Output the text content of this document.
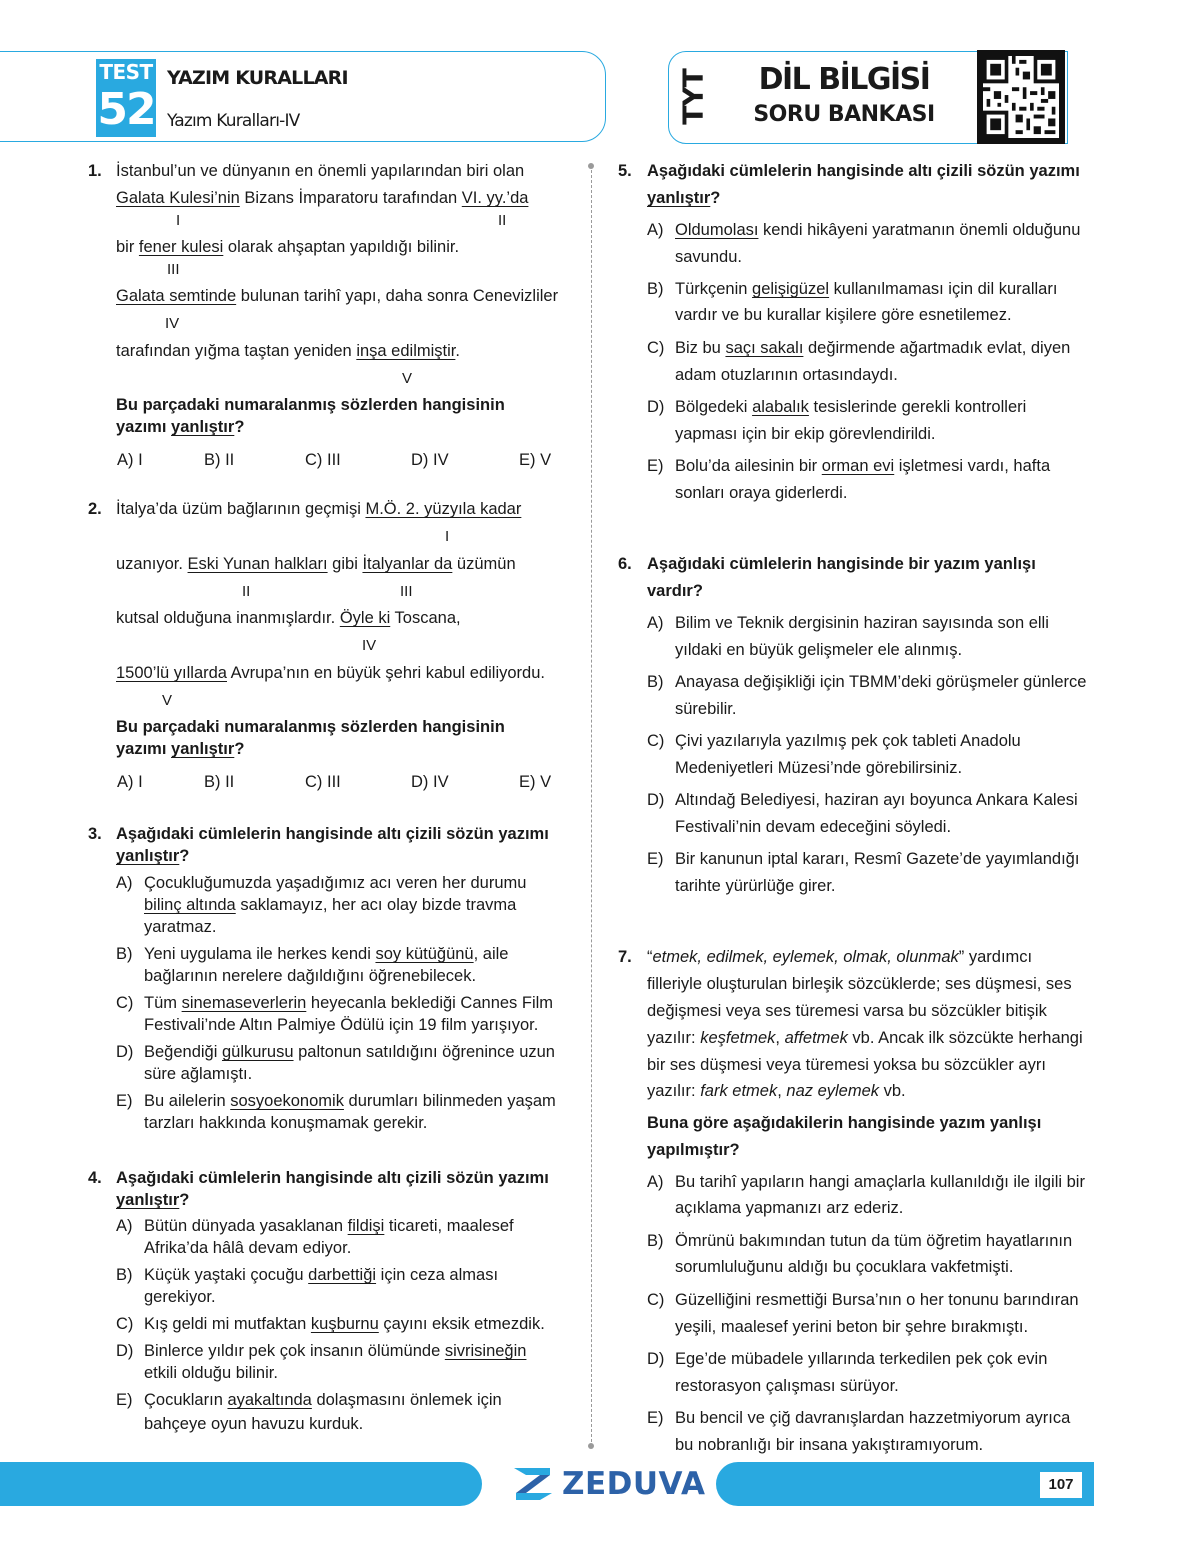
TEST
52
YAZIM KURALLARI
Yazım Kuralları-IV	TYT	DİL BİLGİSİ
SORU BANKASI
1. İstanbul’un ve dünyanın en önemli yapılarından biri olan
Galata Kulesi’nin Bizans İmparatoru tarafından VI. yy.’da
I	II
bir fener kulesi olarak ahşaptan yapıldığı bilinir.
III
Galata semtinde bulunan tarihî yapı, daha sonra Cenevizliler
IV
tarafından yığma taştan yeniden inşa edilmiştir.
V
Bu parçadaki numaralanmış sözlerden hangisinin
yazımı yanlıştır?
A) I	B) II	C) III	D) IV	E) V
2. İtalya’da üzüm bağlarının geçmişi M.Ö. 2. yüzyıla kadar
I
uzanıyor. Eski Yunan halkları gibi İtalyanlar da üzümün
II	III
kutsal olduğuna inanmışlardır. Öyle ki Toscana,
IV
1500’lü yıllarda Avrupa’nın en büyük şehri kabul ediliyordu.
V
Bu parçadaki numaralanmış sözlerden hangisinin
yazımı yanlıştır?
A) I	B) II	C) III	D) IV	E) V
3. Aşağıdaki cümlelerin hangisinde altı çizili sözün yazımı
yanlıştır?
A) Çocukluğumuzda yaşadığımız acı veren her durumu
bilinç altında saklamayız, her acı olay bizde travma
yaratmaz.
B) Yeni uygulama ile herkes kendi soy kütüğünü, aile
bağlarının nerelere dağıldığını öğrenebilecek.
C) Tüm sinemaseverlerin heyecanla beklediği Cannes Film
Festivali’nde Altın Palmiye Ödülü için 19 film yarışıyor.
D) Beğendiği gülkurusu paltonun satıldığını öğrenince uzun
süre ağlamıştı.
E) Bu ailelerin sosyoekonomik durumları bilinmeden yaşam
tarzları hakkında konuşmamak gerekir.
4. Aşağıdaki cümlelerin hangisinde altı çizili sözün yazımı
yanlıştır?
A) Bütün dünyada yasaklanan fildişi ticareti, maalesef
Afrika’da hâlâ devam ediyor.
B) Küçük yaştaki çocuğu darbettiği için ceza alması
gerekiyor.
C) Kış geldi mi mutfaktan kuşburnu çayını eksik etmezdik.
D) Binlerce yıldır pek çok insanın ölümünde sivrisineğin
etkili olduğu bilinir.
E) Çocukların ayakaltında dolaşmasını önlemek için
bahçeye oyun havuzu kurduk.
5. Aşağıdaki cümlelerin hangisinde altı çizili sözün yazımı
yanlıştır?
A) Oldumolası kendi hikâyeni yaratmanın önemli olduğunu
savundu.
B) Türkçenin gelişigüzel kullanılmaması için dil kuralları
vardır ve bu kurallar kişilere göre esnetilemez.
C) Biz bu saçı sakalı değirmende ağartmadık evlat, diyen
adam otuzlarının ortasındaydı.
D) Bölgedeki alabalık tesislerinde gerekli kontrolleri
yapması için bir ekip görevlendirildi.
E) Bolu’da ailesinin bir orman evi işletmesi vardı, hafta
sonları oraya giderlerdi.
6. Aşağıdaki cümlelerin hangisinde bir yazım yanlışı
vardır?
A) Bilim ve Teknik dergisinin haziran sayısında son elli
yıldaki en büyük gelişmeler ele alınmış.
B) Anayasa değişikliği için TBMM’deki görüşmeler günlerce
sürebilir.
C) Çivi yazılarıyla yazılmış pek çok tableti Anadolu
Medeniyetleri Müzesi’nde görebilirsiniz.
D) Altındağ Belediyesi, haziran ayı boyunca Ankara Kalesi
Festivali’nin devam edeceğini söyledi.
E) Bir kanunun iptal kararı, Resmî Gazete’de yayımlandığı
tarihte yürürlüğe girer.
7. “etmek, edilmek, eylemek, olmak, olunmak” yardımcı
filleriyle oluşturulan birleşik sözcüklerde; ses düşmesi, ses
değişmesi veya ses türemesi varsa bu sözcükler bitişik
yazılır: keşfetmek, affetmek vb. Ancak ilk sözcükte herhangi
bir ses düşmesi veya türemesi yoksa bu sözcükler ayrı
yazılır: fark etmek, naz eylemek vb.
Buna göre aşağıdakilerin hangisinde yazım yanlışı
yapılmıştır?
A) Bu tarihî yapıların hangi amaçlarla kullanıldığı ile ilgili bir
açıklama yapmanızı arz ederiz.
B) Ömrünü bakımından tutun da tüm öğretim hayatlarının
sorumluluğunu aldığı bu çocuklara vakfetmişti.
C) Güzelliğini resmettiği Bursa’nın o her tonunu barındıran
yeşili, maalesef yerini beton bir şehre bırakmıştı.
D) Ege’de mübadele yıllarında terkedilen pek çok evin
restorasyon çalışması sürüyor.
E) Bu bencil ve çiğ davranışlardan hazzetmiyorum ayrıca
bu nobranlığı bir insana yakıştıramıyorum.
ZEDUVA	107
